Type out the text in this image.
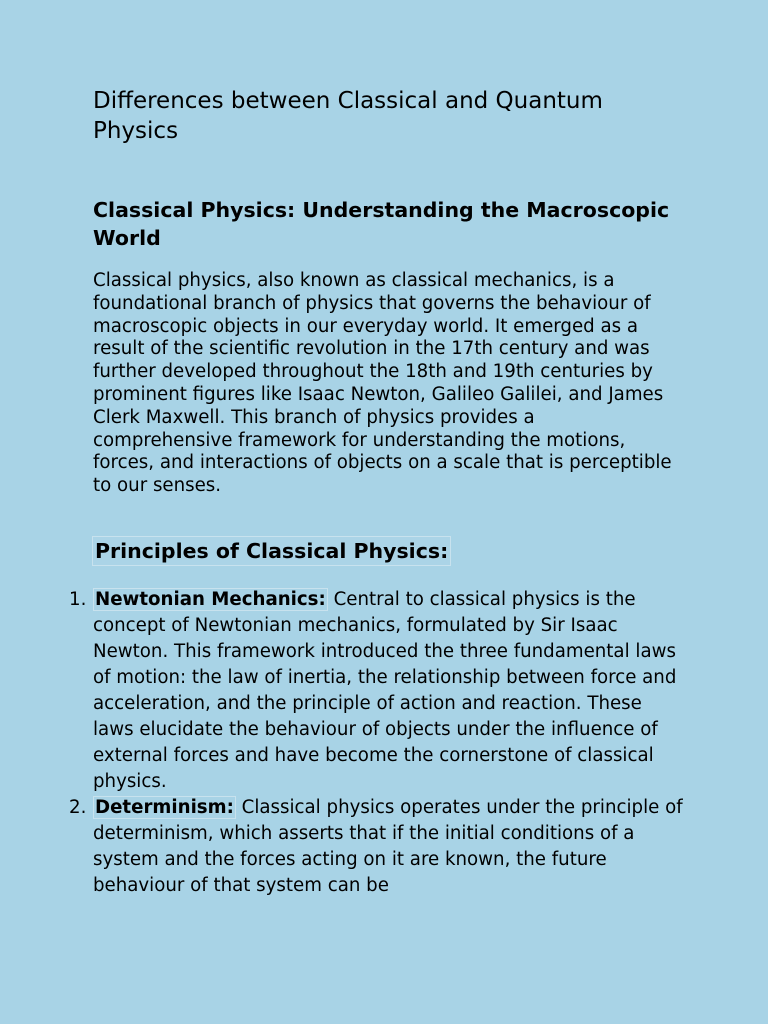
Differences between Classical and Quantum Physics
Classical Physics: Understanding the Macroscopic World

Classical physics, also known as classical mechanics, is a foundational branch of physics that governs the behaviour of macroscopic objects in our everyday world. It emerged as a result of the scientific revolution in the 17th century and was further developed throughout the 18th and 19th centuries by prominent figures like Isaac Newton, Galileo Galilei, and James Clerk Maxwell. This branch of physics provides a comprehensive framework for understanding the motions, forces, and interactions of objects on a scale that is perceptible to our senses.

Principles of Classical Physics:
1. Newtonian Mechanics: Central to classical physics is the concept of Newtonian mechanics, formulated by Sir Isaac Newton. This framework introduced the three fundamental laws of motion: the law of inertia, the relationship between force and acceleration, and the principle of action and reaction. These laws elucidate the behaviour of objects under the influence of external forces and have become the cornerstone of classical physics.
2. Determinism: Classical physics operates under the principle of determinism, which asserts that if the initial conditions of a system and the forces acting on it are known, the future behaviour of that system can be
